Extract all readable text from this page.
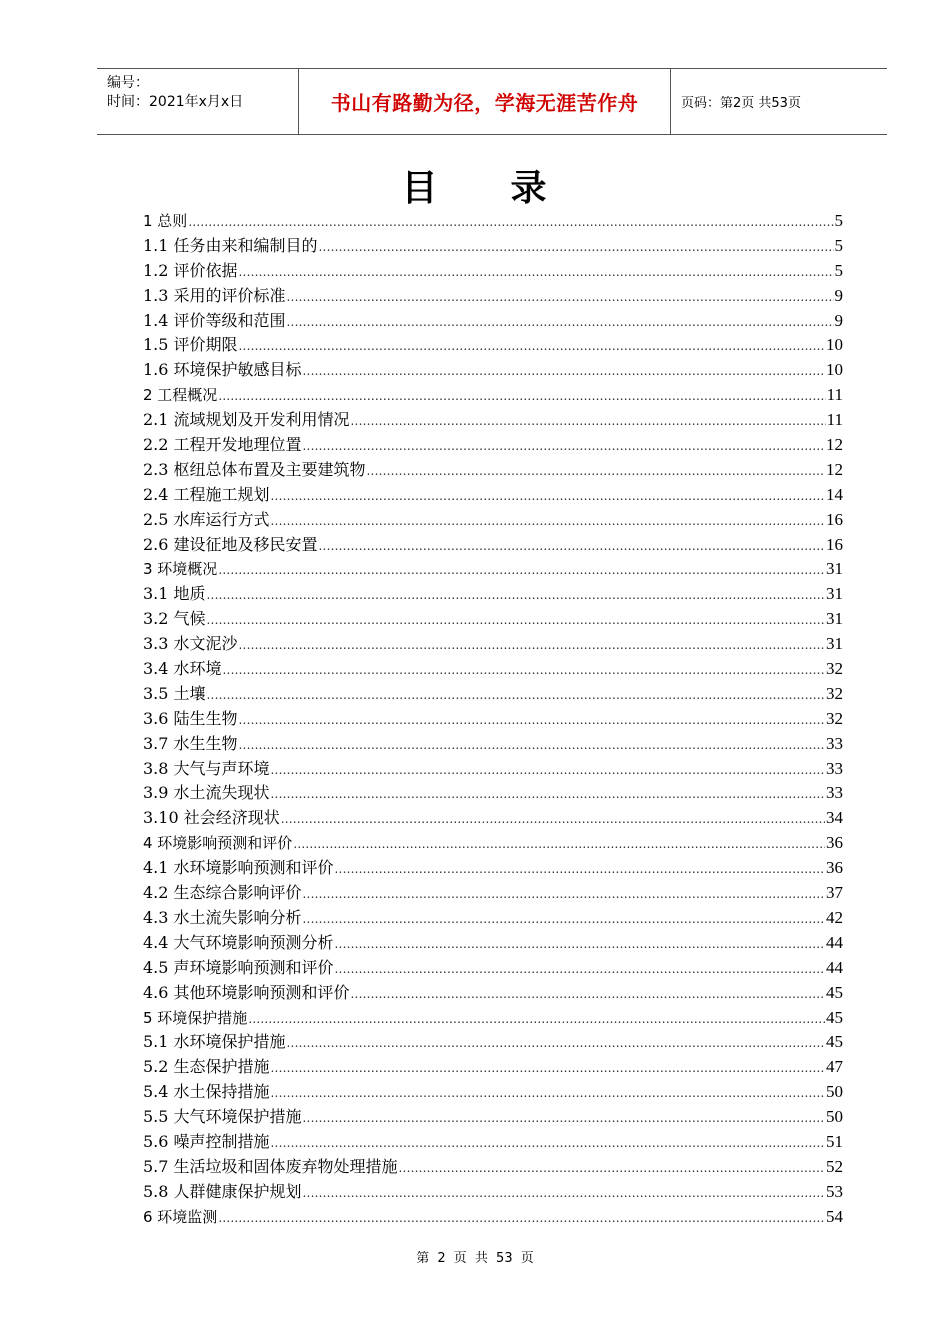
编号：
时间：2021年x月x日	书山有路勤为径，学海无涯苦作舟	页码：第2页 共53页
目 录
1 总则 .....	5
1.1 任务由来和编制目的 .....	5
1.2 评价依据 .....	5
1.3 采用的评价标准 .....	9
1.4 评价等级和范围 .....	9
1.5 评价期限 .....	10
1.6 环境保护敏感目标 .....	10
2 工程概况 .....	11
2.1 流域规划及开发利用情况 .....	11
2.2 工程开发地理位置 .....	12
2.3 枢纽总体布置及主要建筑物 .....	12
2.4 工程施工规划 .....	14
2.5 水库运行方式 .....	16
2.6 建设征地及移民安置 .....	16
3 环境概况 .....	31
3.1 地质 .....	31
3.2 气候 .....	31
3.3 水文泥沙 .....	31
3.4 水环境 .....	32
3.5 土壤 .....	32
3.6 陆生生物 .....	32
3.7 水生生物 .....	33
3.8 大气与声环境 .....	33
3.9 水土流失现状 .....	33
3.10 社会经济现状 .....	34
4 环境影响预测和评价 .....	36
4.1 水环境影响预测和评价 .....	36
4.2 生态综合影响评价 .....	37
4.3 水土流失影响分析 .....	42
4.4 大气环境影响预测分析 .....	44
4.5 声环境影响预测和评价 .....	44
4.6 其他环境影响预测和评价 .....	45
5 环境保护措施 .....	45
5.1 水环境保护措施 .....	45
5.2 生态保护措施 .....	47
5.4 水土保持措施 .....	50
5.5 大气环境保护措施 .....	50
5.6 噪声控制措施 .....	51
5.7 生活垃圾和固体废弃物处理措施 .....	52
5.8 人群健康保护规划 .....	53
6 环境监测 .....	54
第 2 页 共 53 页
